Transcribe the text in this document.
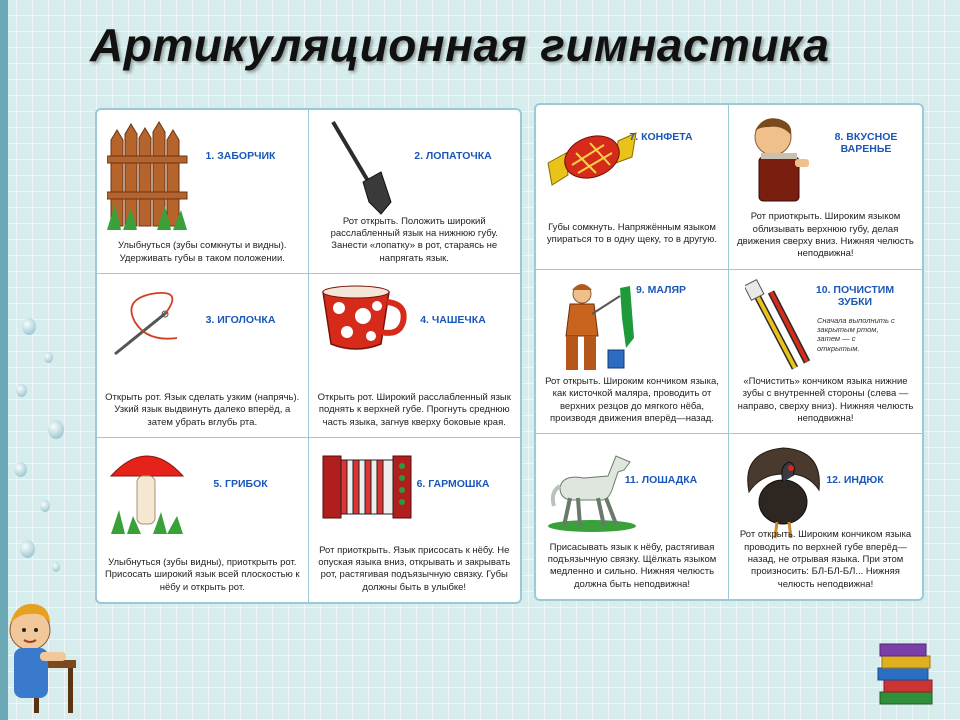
Артикуляционная гимнастика
1. ЗАБОРЧИК
Улыбнуться (зубы сомкнуты и видны). Удерживать губы в таком положении.
2. ЛОПАТОЧКА
Рот открыть. Положить широкий расслабленный язык на нижнюю губу. Занести «лопатку» в рот, стараясь не напрягать язык.
3. ИГОЛОЧКА
Открыть рот. Язык сделать узким (напрячь). Узкий язык выдвинуть далеко вперёд, а затем убрать вглубь рта.
4. ЧАШЕЧКА
Открыть рот. Широкий расслабленный язык поднять к верхней губе. Прогнуть среднюю часть языка, загнув кверху боковые края.
5. ГРИБОК
Улыбнуться (зубы видны), приоткрыть рот. Присосать широкий язык всей плоскостью к нёбу и открыть рот.
6. ГАРМОШКА
Рот приоткрыть. Язык присосать к нёбу. Не опуская языка вниз, открывать и закрывать рот, растягивая подъязычную связку. Губы должны быть в улыбке!
7. КОНФЕТА
Губы сомкнуть. Напряжённым языком упираться то в одну щеку, то в другую.
8. ВКУСНОЕ ВАРЕНЬЕ
Рот приоткрыть. Широким языком облизывать верхнюю губу, делая движения сверху вниз. Нижняя челюсть неподвижна!
9. МАЛЯР
Рот открыть. Широким кончиком языка, как кисточкой маляра, проводить от верхних резцов до мягкого нёба, производя движения вперёд—назад.
10. ПОЧИСТИМ ЗУБКИ
Сначала выполнить с закрытым ртом, затем — с открытым.
«Почистить» кончиком языка нижние зубы с внутренней стороны (слева — направо, сверху вниз). Нижняя челюсть неподвижна!
11. ЛОШАДКА
Присасывать язык к нёбу, растягивая подъязычную связку. Щёлкать языком медленно и сильно. Нижняя челюсть должна быть неподвижна!
12. ИНДЮК
Рот открыть. Широким кончиком языка проводить по верхней губе вперёд—назад, не отрывая языка. При этом произносить: БЛ-БЛ-БЛ... Нижняя челюсть неподвижна!
